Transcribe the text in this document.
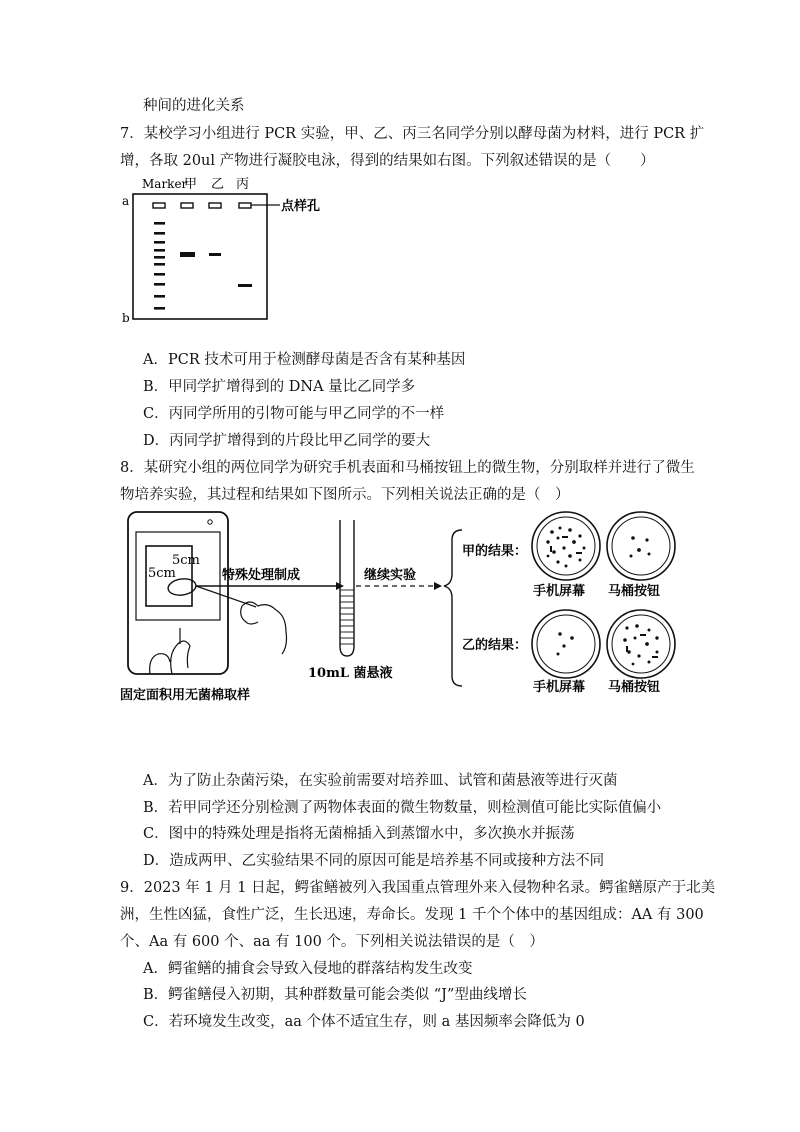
种间的进化关系
7．某校学习小组进行 PCR 实验，甲、乙、丙三名同学分别以酵母菌为材料，进行 PCR 扩
增，各取 20ul 产物进行凝胶电泳，得到的结果如右图。下列叙述错误的是（　　）
Marker
甲 乙 丙
a
b
点样孔
A．PCR 技术可用于检测酵母菌是否含有某种基因
B．甲同学扩增得到的 DNA 量比乙同学多
C．丙同学所用的引物可能与甲乙同学的不一样
D．丙同学扩增得到的片段比甲乙同学的要大
8．某研究小组的两位同学为研究手机表面和马桶按钮上的微生物，分别取样并进行了微生
物培养实验，其过程和结果如下图所示。下列相关说法正确的是（　）
5cm
5cm
固定面积用无菌棉取样
特殊处理制成
10mL 菌悬液
继续实验
甲的结果：
乙的结果：
手机屏幕 马桶按钮
手机屏幕 马桶按钮
A．为了防止杂菌污染，在实验前需要对培养皿、试管和菌悬液等进行灭菌
B．若甲同学还分别检测了两物体表面的微生物数量，则检测值可能比实际值偏小
C．图中的特殊处理是指将无菌棉插入到蒸馏水中，多次换水并振荡
D．造成两甲、乙实验结果不同的原因可能是培养基不同或接种方法不同
9．2023 年 1 月 1 日起，鳄雀鳝被列入我国重点管理外来入侵物种名录。鳄雀鳝原产于北美
洲，生性凶猛，食性广泛，生长迅速，寿命长。发现 1 千个个体中的基因组成：AA 有 300
个、Aa 有 600 个、aa 有 100 个。下列相关说法错误的是（　）
A．鳄雀鳝的捕食会导致入侵地的群落结构发生改变
B．鳄雀鳝侵入初期，其种群数量可能会类似 “J”型曲线增长
C．若环境发生改变，aa 个体不适宜生存，则 a 基因频率会降低为 0
